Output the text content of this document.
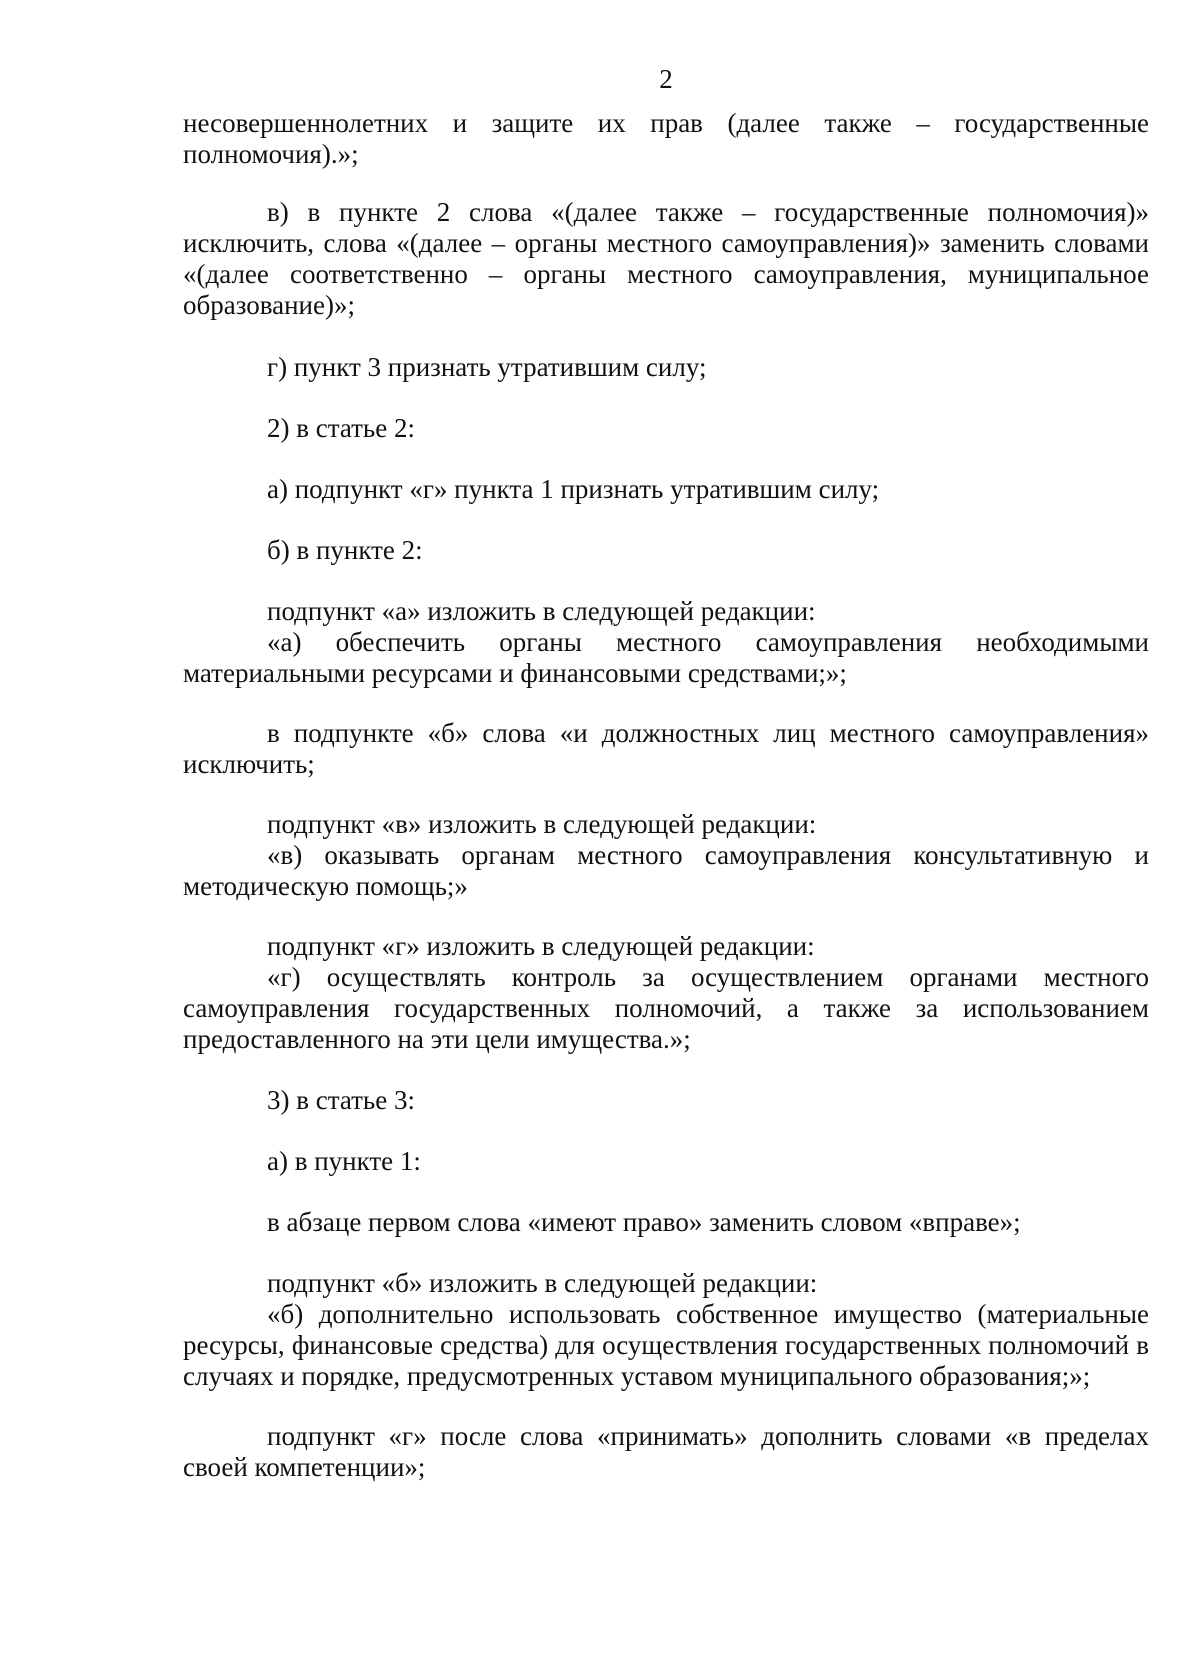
2

несовершеннолетних и защите их прав (далее также – государственные полномочия).»;

в) в пункте 2 слова «(далее также – государственные полномочия)» исключить, слова «(далее – органы местного самоуправления)» заменить словами «(далее соответственно – органы местного самоуправления, муниципальное образование)»;

г) пункт 3 признать утратившим силу;

2) в статье 2:

а) подпункт «г» пункта 1 признать утратившим силу;

б) в пункте 2:

подпункт «а» изложить в следующей редакции:

«а) обеспечить органы местного самоуправления необходимыми материальными ресурсами и финансовыми средствами;»;

в подпункте «б» слова «и должностных лиц местного самоуправления» исключить;

подпункт «в» изложить в следующей редакции:

«в) оказывать органам местного самоуправления консультативную и методическую помощь;»

подпункт «г» изложить в следующей редакции:

«г) осуществлять контроль за осуществлением органами местного самоуправления государственных полномочий, а также за использованием предоставленного на эти цели имущества.»;

3) в статье 3:

а) в пункте 1:

в абзаце первом слова «имеют право» заменить словом «вправе»;

подпункт «б» изложить в следующей редакции:

«б) дополнительно использовать собственное имущество (материальные ресурсы, финансовые средства) для осуществления государственных полномочий в случаях и порядке, предусмотренных уставом муниципального образования;»;

подпункт «г» после слова «принимать» дополнить словами «в пределах своей компетенции»;
